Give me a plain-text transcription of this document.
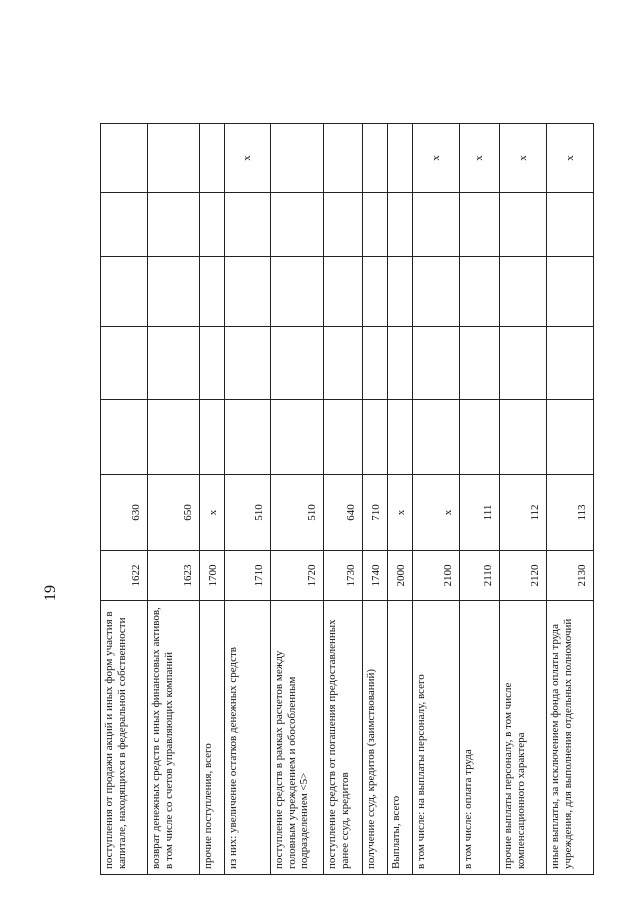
19
поступления от продажи акций и иных форм участия в капитале, находящихся в федеральной собственности	1622	630					
возврат денежных средств с иных финансовых активов, в том числе со счетов управляющих компаний	1623	650					
прочие поступления, всего	1700	х					
из них: увеличение остатков денежных средств	1710	510					х
поступление средств в рамках расчетов между головным учреждением и обособленным подразделением <5>	1720	510					
поступление средств от погашения предоставленных ранее ссуд, кредитов	1730	640					
получение ссуд, кредитов (заимствований)	1740	710					
Выплаты, всего	2000	х					
в том числе: на выплаты персоналу, всего	2100	х					х
в том числе: оплата труда	2110	111					х
прочие выплаты персоналу, в том числе компенсационного характера	2120	112					х
иные выплаты, за исключением фонда оплаты труда учреждения, для выполнения отдельных полномочий	2130	113					х
